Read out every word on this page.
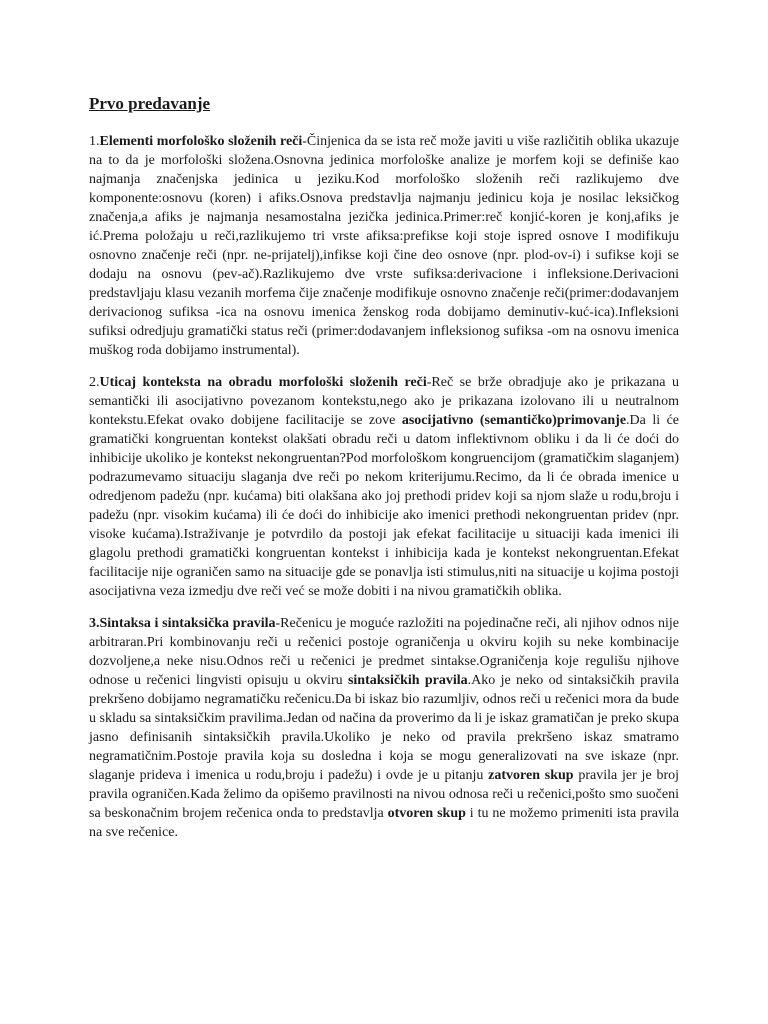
Prvo predavanje

1.Elementi morfološko složenih reči-Činjenica da se ista reč može javiti u više različitih oblika ukazuje na to da je morfološki složena.Osnovna jedinica morfološke analize je morfem koji se definiše kao najmanja značenjska jedinica u jeziku.Kod morfološko složenih reči razlikujemo dve komponente:osnovu (koren) i afiks.Osnova predstavlja najmanju jedinicu koja je nosilac leksičkog značenja,a afiks je najmanja nesamostalna jezička jedinica.Primer:reč konjić-koren je konj,afiks je ić.Prema položaju u reči,razlikujemo tri vrste afiksa:prefikse koji stoje ispred osnove I modifikuju osnovno značenje reči (npr. ne-prijatelj),infikse koji čine deo osnove (npr. plod-ov-i) i sufikse koji se dodaju na osnovu (pev-ač).Razlikujemo dve vrste sufiksa:derivacione i infleksione.Derivacioni predstavljaju klasu vezanih morfema čije značenje modifikuje osnovno značenje reči(primer:dodavanjem derivacionog sufiksa -ica na osnovu imenica ženskog roda dobijamo deminutiv-kuć-ica).Infleksioni sufiksi odredjuju gramatički status reči (primer:dodavanjem infleksionog sufiksa -om na osnovu imenica muškog roda dobijamo instrumental).

2.Uticaj konteksta na obradu morfološki složenih reči-Reč se brže obradjuje ako je prikazana u semantički ili asocijativno povezanom kontekstu,nego ako je prikazana izolovano ili u neutralnom kontekstu.Efekat ovako dobijene facilitacije se zove asocijativno (semantičko)primovanje.Da li će gramatički kongruentan kontekst olakšati obradu reči u datom inflektivnom obliku i da li će doći do inhibicije ukoliko je kontekst nekongruentan?Pod morfološkom kongruencijom (gramatičkim slaganjem) podrazumevamo situaciju slaganja dve reči po nekom kriterijumu.Recimo, da li će obrada imenice u odredjenom padežu (npr. kućama) biti olakšana ako joj prethodi pridev koji sa njom slaže u rodu,broju i padežu (npr. visokim kućama) ili će doći do inhibicije ako imenici prethodi nekongruentan pridev (npr. visoke kućama).Istraživanje je potvrdilo da postoji jak efekat facilitacije u situaciji kada imenici ili glagolu prethodi gramatički kongruentan kontekst i inhibicija kada je kontekst nekongruentan.Efekat facilitacije nije ograničen samo na situacije gde se ponavlja isti stimulus,niti na situacije u kojima postoji asocijativna veza izmedju dve reči već se može dobiti i na nivou gramatičkih oblika.

3.Sintaksa i sintaksička pravila-Rečenicu je moguće razložiti na pojedinačne reči, ali njihov odnos nije arbitraran.Pri kombinovanju reči u rečenici postoje ograničenja u okviru kojih su neke kombinacije dozvoljene,a neke nisu.Odnos reči u rečenici je predmet sintakse.Ograničenja koje regulišu njihove odnose u rečenici lingvisti opisuju u okviru sintaksičkih pravila.Ako je neko od sintaksičkih pravila prekršeno dobijamo negramatičku rečenicu.Da bi iskaz bio razumljiv, odnos reči u rečenici mora da bude u skladu sa sintaksičkim pravilima.Jedan od načina da proverimo da li je iskaz gramatičan je preko skupa jasno definisanih sintaksičkih pravila.Ukoliko je neko od pravila prekršeno iskaz smatramo negramatičnim.Postoje pravila koja su dosledna i koja se mogu generalizovati na sve iskaze (npr. slaganje prideva i imenica u rodu,broju i padežu) i ovde je u pitanju zatvoren skup pravila jer je broj pravila ograničen.Kada želimo da opišemo pravilnosti na nivou odnosa reči u rečenici,pošto smo suočeni sa beskonačnim brojem rečenica onda to predstavlja otvoren skup i tu ne možemo primeniti ista pravila na sve rečenice.
